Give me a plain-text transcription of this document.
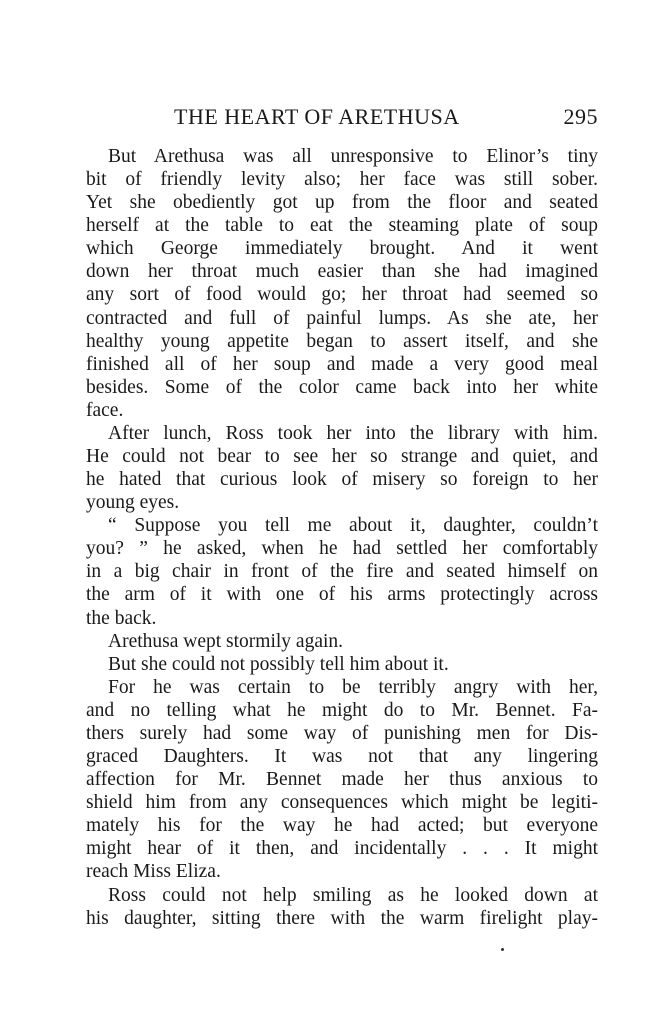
THE HEART OF ARETHUSA	295
But Arethusa was all unresponsive to Elinor’s tiny
bit of friendly levity also; her face was still sober.
Yet she obediently got up from the floor and seated
herself at the table to eat the steaming plate of soup
which George immediately brought. And it went
down her throat much easier than she had imagined
any sort of food would go; her throat had seemed so
contracted and full of painful lumps. As she ate, her
healthy young appetite began to assert itself, and she
finished all of her soup and made a very good meal
besides. Some of the color came back into her white
face.
After lunch, Ross took her into the library with him.
He could not bear to see her so strange and quiet, and
he hated that curious look of misery so foreign to her
young eyes.
“ Suppose you tell me about it, daughter, couldn’t
you? ” he asked, when he had settled her comfortably
in a big chair in front of the fire and seated himself on
the arm of it with one of his arms protectingly across
the back.
Arethusa wept stormily again.
But she could not possibly tell him about it.
For he was certain to be terribly angry with her,
and no telling what he might do to Mr. Bennet. Fa-
thers surely had some way of punishing men for Dis-
graced Daughters. It was not that any lingering
affection for Mr. Bennet made her thus anxious to
shield him from any consequences which might be legiti-
mately his for the way he had acted; but everyone
might hear of it then, and incidentally . . . It might
reach Miss Eliza.
Ross could not help smiling as he looked down at
his daughter, sitting there with the warm firelight play-
